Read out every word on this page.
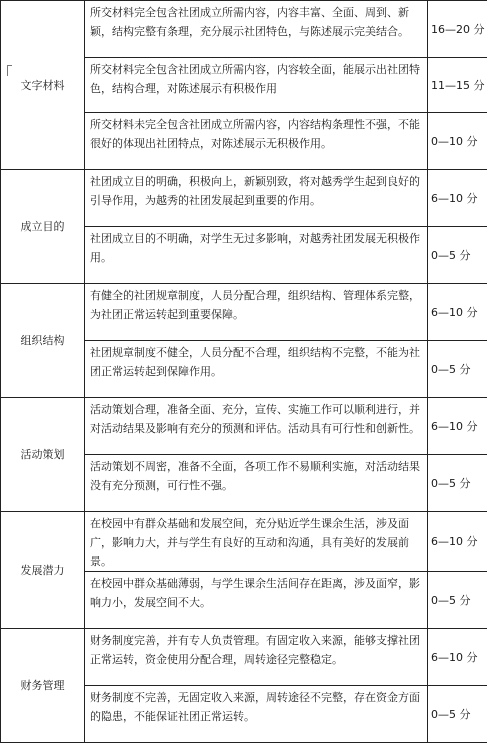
文字材料	所交材料完全包含社团成立所需内容，内容丰富、全面、周到、新颖，结构完整有条理，充分展示社团特色，与陈述展示完美结合。	16—20 分
	所交材料完全包含社团成立所需内容，内容较全面，能展示出社团特色，结构合理，对陈述展示有积极作用	11—15 分
	所交材料未完全包含社团成立所需内容，内容结构条理性不强，不能很好的体现出社团特点，对陈述展示无积极作用。	0—10 分
成立目的	社团成立目的明确，积极向上，新颖别致，将对越秀学生起到良好的引导作用，为越秀的社团发展起到重要的作用。	6—10 分
	社团成立目的不明确，对学生无过多影响，对越秀社团发展无积极作用。	0—5 分
组织结构	有健全的社团规章制度，人员分配合理，组织结构、管理体系完整，为社团正常运转起到重要保障。	6—10 分
	社团规章制度不健全，人员分配不合理，组织结构不完整，不能为社团正常运转起到保障作用。	0—5 分
活动策划	活动策划合理，准备全面、充分，宣传、实施工作可以顺利进行，并对活动结果及影响有充分的预测和评估。活动具有可行性和创新性。	6—10 分
	活动策划不周密，准备不全面，各项工作不易顺利实施，对活动结果没有充分预测，可行性不强。	0—5 分
发展潜力	在校园中有群众基础和发展空间，充分贴近学生课余生活，涉及面广，影响力大，并与学生有良好的互动和沟通，具有美好的发展前景。	6—10 分
	在校园中群众基础薄弱，与学生课余生活间存在距离，涉及面窄，影响力小，发展空间不大。	0—5 分
财务管理	财务制度完善，并有专人负责管理。有固定收入来源，能够支撑社团正常运转，资金使用分配合理，周转途径完整稳定。	6—10 分
	财务制度不完善，无固定收入来源，周转途径不完整，存在资金方面的隐患，不能保证社团正常运转。	0—5 分
